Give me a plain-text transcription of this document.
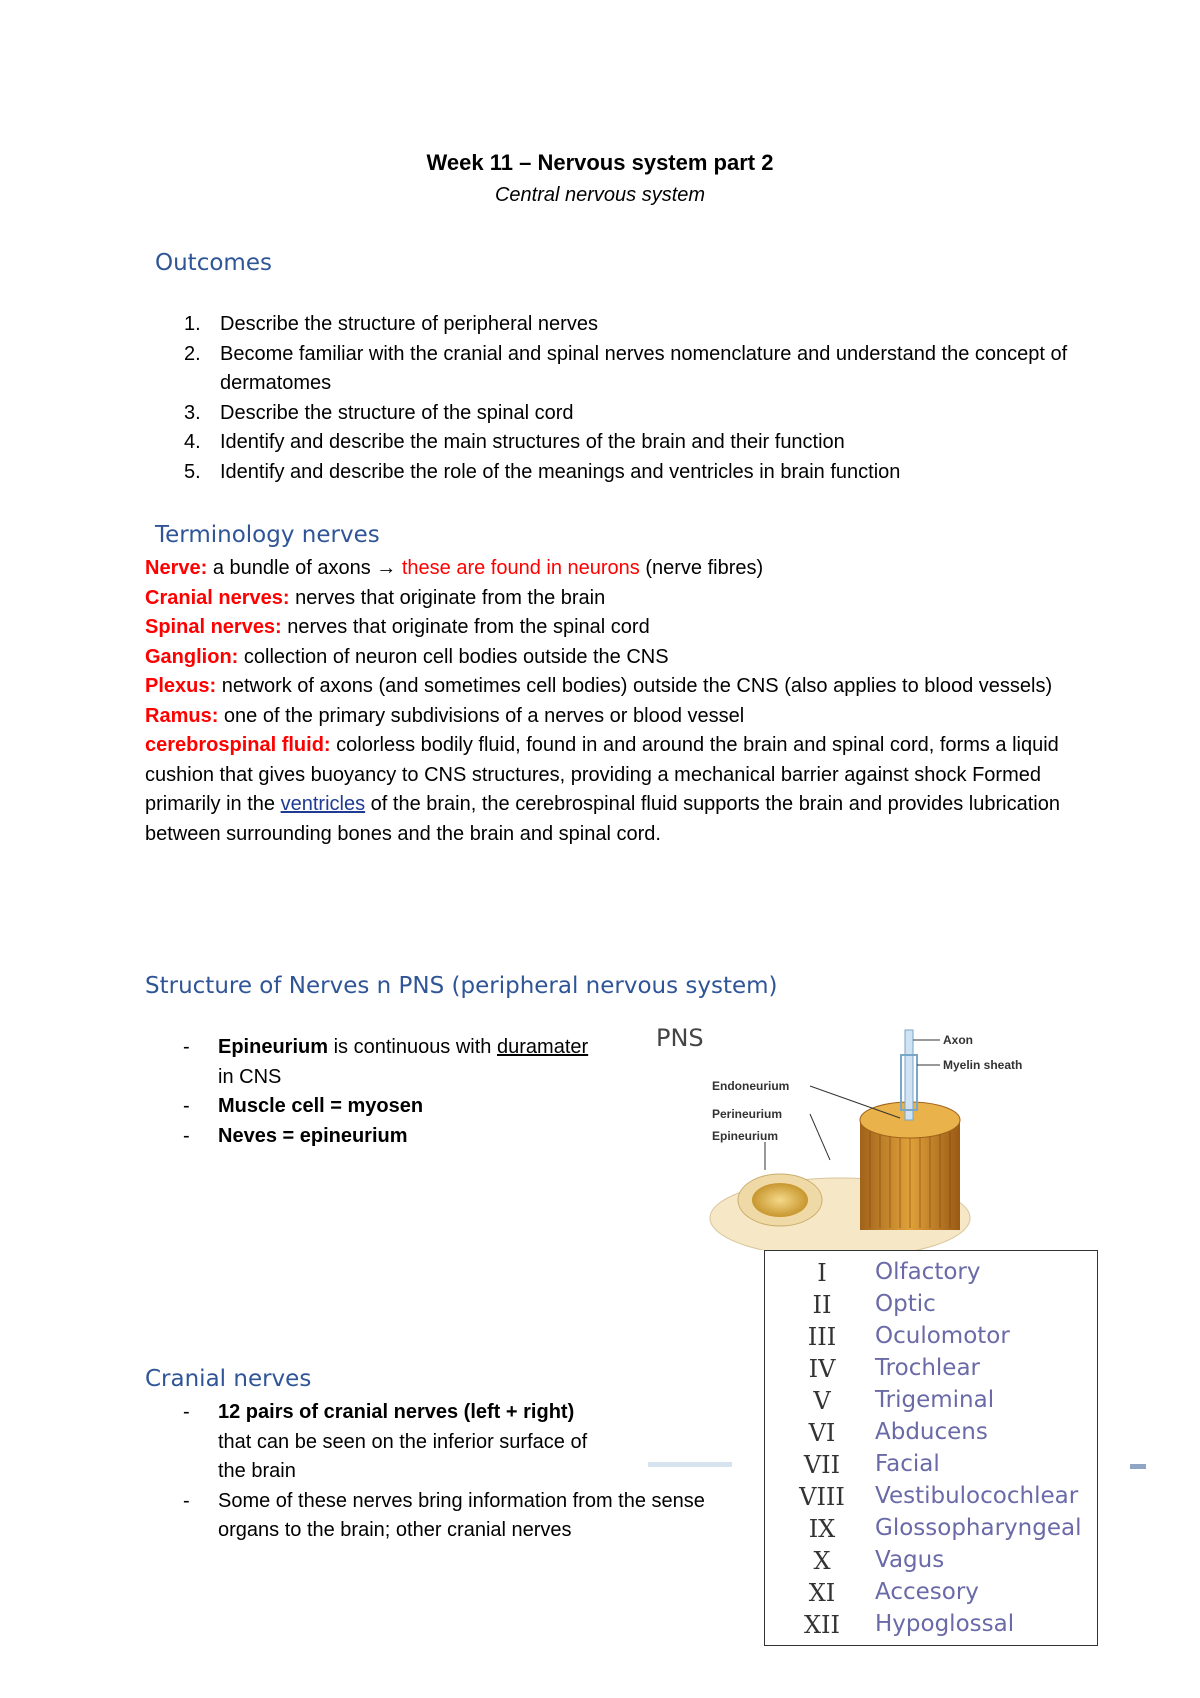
Week 11 – Nervous system part 2
Central nervous system
Outcomes
1. Describe the structure of peripheral nerves
2. Become familiar with the cranial and spinal nerves nomenclature and understand the concept of dermatomes
3. Describe the structure of the spinal cord
4. Identify and describe the main structures of the brain and their function
5. Identify and describe the role of the meanings and ventricles in brain function
Terminology nerves
Nerve: a bundle of axons → these are found in neurons (nerve fibres)
Cranial nerves: nerves that originate from the brain
Spinal nerves: nerves that originate from the spinal cord
Ganglion: collection of neuron cell bodies outside the CNS
Plexus: network of axons (and sometimes cell bodies) outside the CNS (also applies to blood vessels)
Ramus: one of the primary subdivisions of a nerves or blood vessel
cerebrospinal fluid: colorless bodily fluid, found in and around the brain and spinal cord, forms a liquid cushion that gives buoyancy to CNS structures, providing a mechanical barrier against shock Formed primarily in the ventricles of the brain, the cerebrospinal fluid supports the brain and provides lubrication between surrounding bones and the brain and spinal cord.
Structure of Nerves n PNS (peripheral nervous system)
- Epineurium is continuous with duramater
in CNS
- Muscle cell = myosen
- Neves = epineurium
PNS	Axon
Myelin sheath
Endoneurium
Perineurium
Epineurium
Cranial nerves
- 12 pairs of cranial nerves (left + right)
that can be seen on the inferior surface of the brain
- Some of these nerves bring information from the sense organs to the brain; other cranial nerves
I	Olfactory
II	Optic
III	Oculomotor
IV	Trochlear
V	Trigeminal
VI	Abducens
VII	Facial
VIII	Vestibulocochlear
IX	Glossopharyngeal
X	Vagus
XI	Accesory
XII	Hypoglossal
